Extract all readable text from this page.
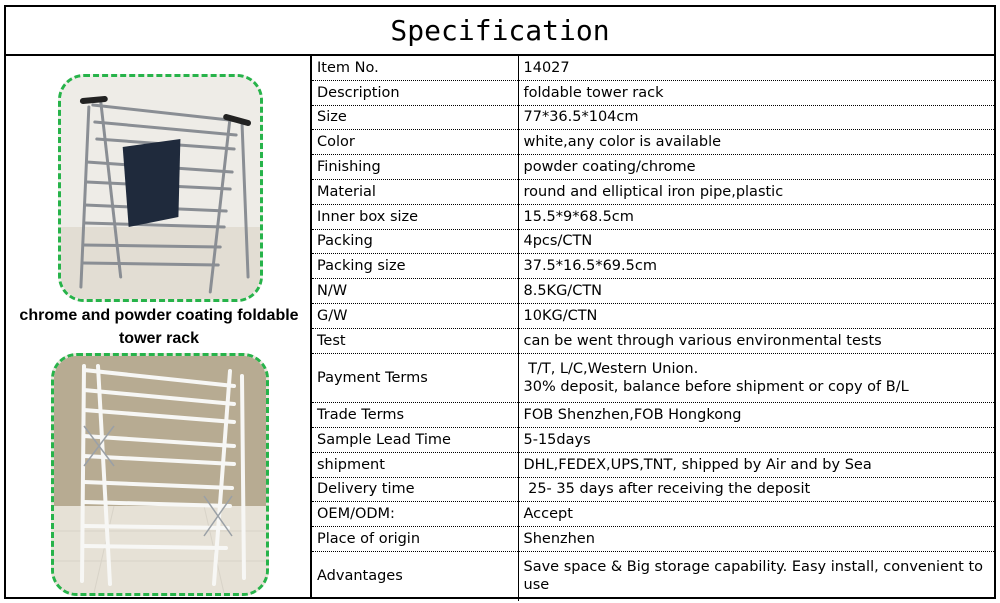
Specification
chrome and powder coating foldable
tower rack
Item No.	14027
Description	foldable tower rack
Size	77*36.5*104cm
Color	white,any color is available
Finishing	powder coating/chrome
Material	round and elliptical iron pipe,plastic
Inner box size	15.5*9*68.5cm
Packing	4pcs/CTN
Packing size	37.5*16.5*69.5cm
N/W	8.5KG/CTN
G/W	10KG/CTN
Test	can be went through various environmental tests
Payment Terms	T/T, L/C,Western Union.
30% deposit, balance before shipment or copy of B/L

Trade Terms	FOB Shenzhen,FOB Hongkong
Sample Lead Time	5-15days
shipment	DHL,FEDEX,UPS,TNT, shipped by Air and by Sea
Delivery time	25- 35 days after receiving the deposit
OEM/ODM:	Accept
Place of origin	Shenzhen
Advantages	Save space & Big storage capability. Easy install, convenient to use
